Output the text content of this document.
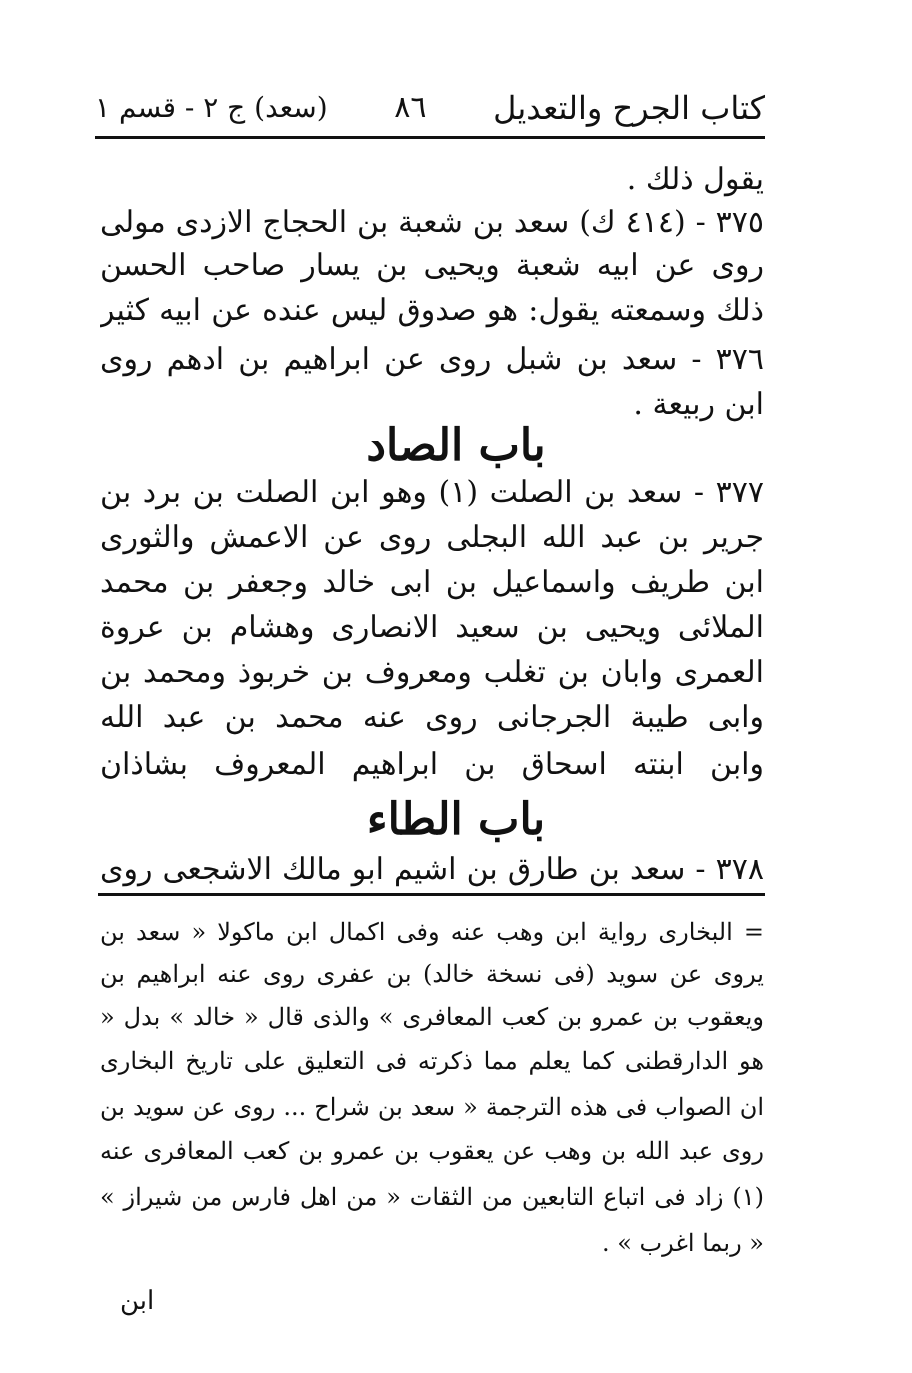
كتاب الجرح والتعديل
٨٦
(سعد) ج ٢ - قسم ١
يقول ذلك .
٣٧٥ - (٤١٤ ك) سعد بن شعبة بن الحجاج الازدى مولى
روى عن ابيه شعبة ويحيى بن يسار صاحب الحسن
ذلك وسمعته يقول: هو صدوق ليس عنده عن ابيه كثير
٣٧٦ - سعد بن شبل روى عن ابراهيم بن ادهم روى
ابن ربيعة .
باب الصاد
٣٧٧ - سعد بن الصلت (١) وهو ابن الصلت بن برد بن
جرير بن عبد الله البجلى روى عن الاعمش والثورى
ابن طريف واسماعيل بن ابى خالد وجعفر بن محمد
الملائى ويحيى بن سعيد الانصارى وهشام بن عروة
العمرى وابان بن تغلب ومعروف بن خربوذ ومحمد بن
وابى طيبة الجرجانى روى عنه محمد بن عبد الله
وابن ابنته اسحاق بن ابراهيم المعروف بشاذان
باب الطاء
٣٧٨ - سعد بن طارق بن اشيم ابو مالك الاشجعى روى
= البخارى رواية ابن وهب عنه وفى اكمال ابن ماكولا « سعد بن
يروى عن سويد (فى نسخة خالد) بن عفرى روى عنه ابراهيم بن
ويعقوب بن عمرو بن كعب المعافرى » والذى قال « خالد » بدل «
هو الدارقطنى كما يعلم مما ذكرته فى التعليق على تاريخ البخارى
ان الصواب فى هذه الترجمة « سعد بن شراح ... روى عن سويد بن
روى عبد الله بن وهب عن يعقوب بن عمرو بن كعب المعافرى عنه
(١) زاد فى اتباع التابعين من الثقات « من اهل فارس من شيراز »
« ربما اغرب » .
ابن
